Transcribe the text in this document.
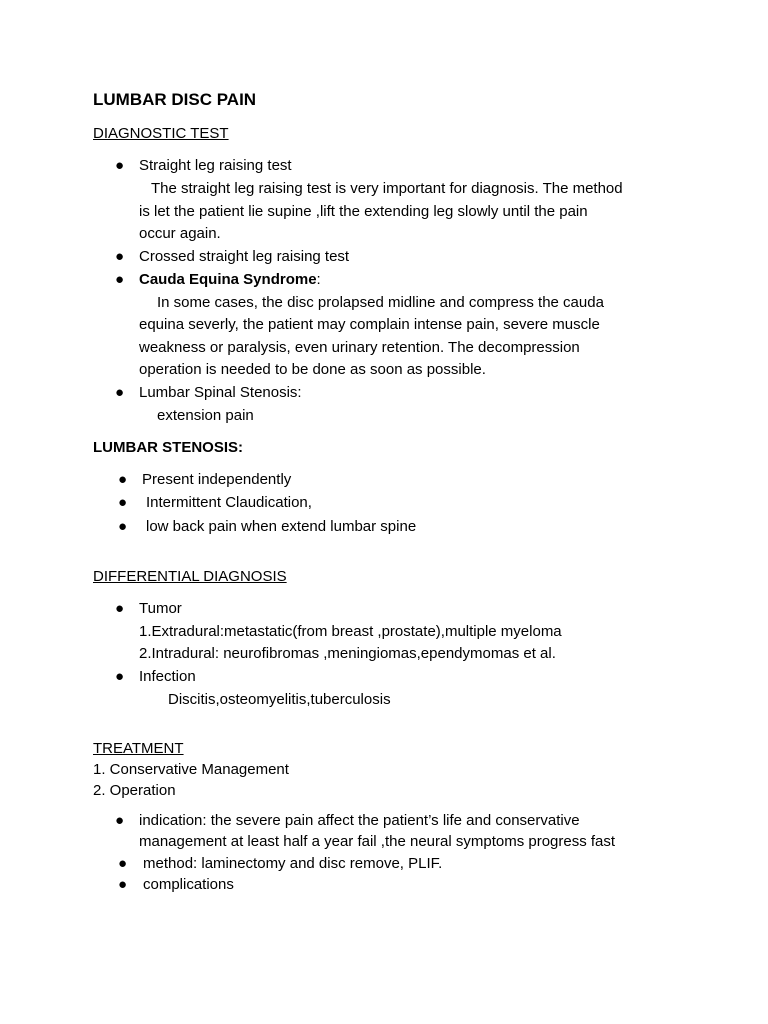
LUMBAR DISC PAIN
DIAGNOSTIC TEST
● Straight leg raising test
The straight leg raising test is very important for diagnosis. The method
is let the patient lie supine ,lift the extending leg slowly until the pain
occur again.
● Crossed straight leg raising test
● Cauda Equina Syndrome:
In some cases, the disc prolapsed midline and compress the cauda
equina severly, the patient may complain intense pain, severe muscle
weakness or paralysis, even urinary retention. The decompression
operation is needed to be done as soon as possible.
● Lumbar Spinal Stenosis:
extension pain
LUMBAR STENOSIS:
● Present independently
● Intermittent Claudication,
● low back pain when extend lumbar spine
DIFFERENTIAL DIAGNOSIS
● Tumor
1.Extradural:metastatic(from breast ,prostate),multiple myeloma
2.Intradural: neurofibromas ,meningiomas,ependymomas et al.
● Infection
Discitis,osteomyelitis,tuberculosis
TREATMENT
1. Conservative Management
2. Operation
● indication: the severe pain affect the patient’s life and conservative
management at least half a year fail ,the neural symptoms progress fast
● method: laminectomy and disc remove, PLIF.
● complications
